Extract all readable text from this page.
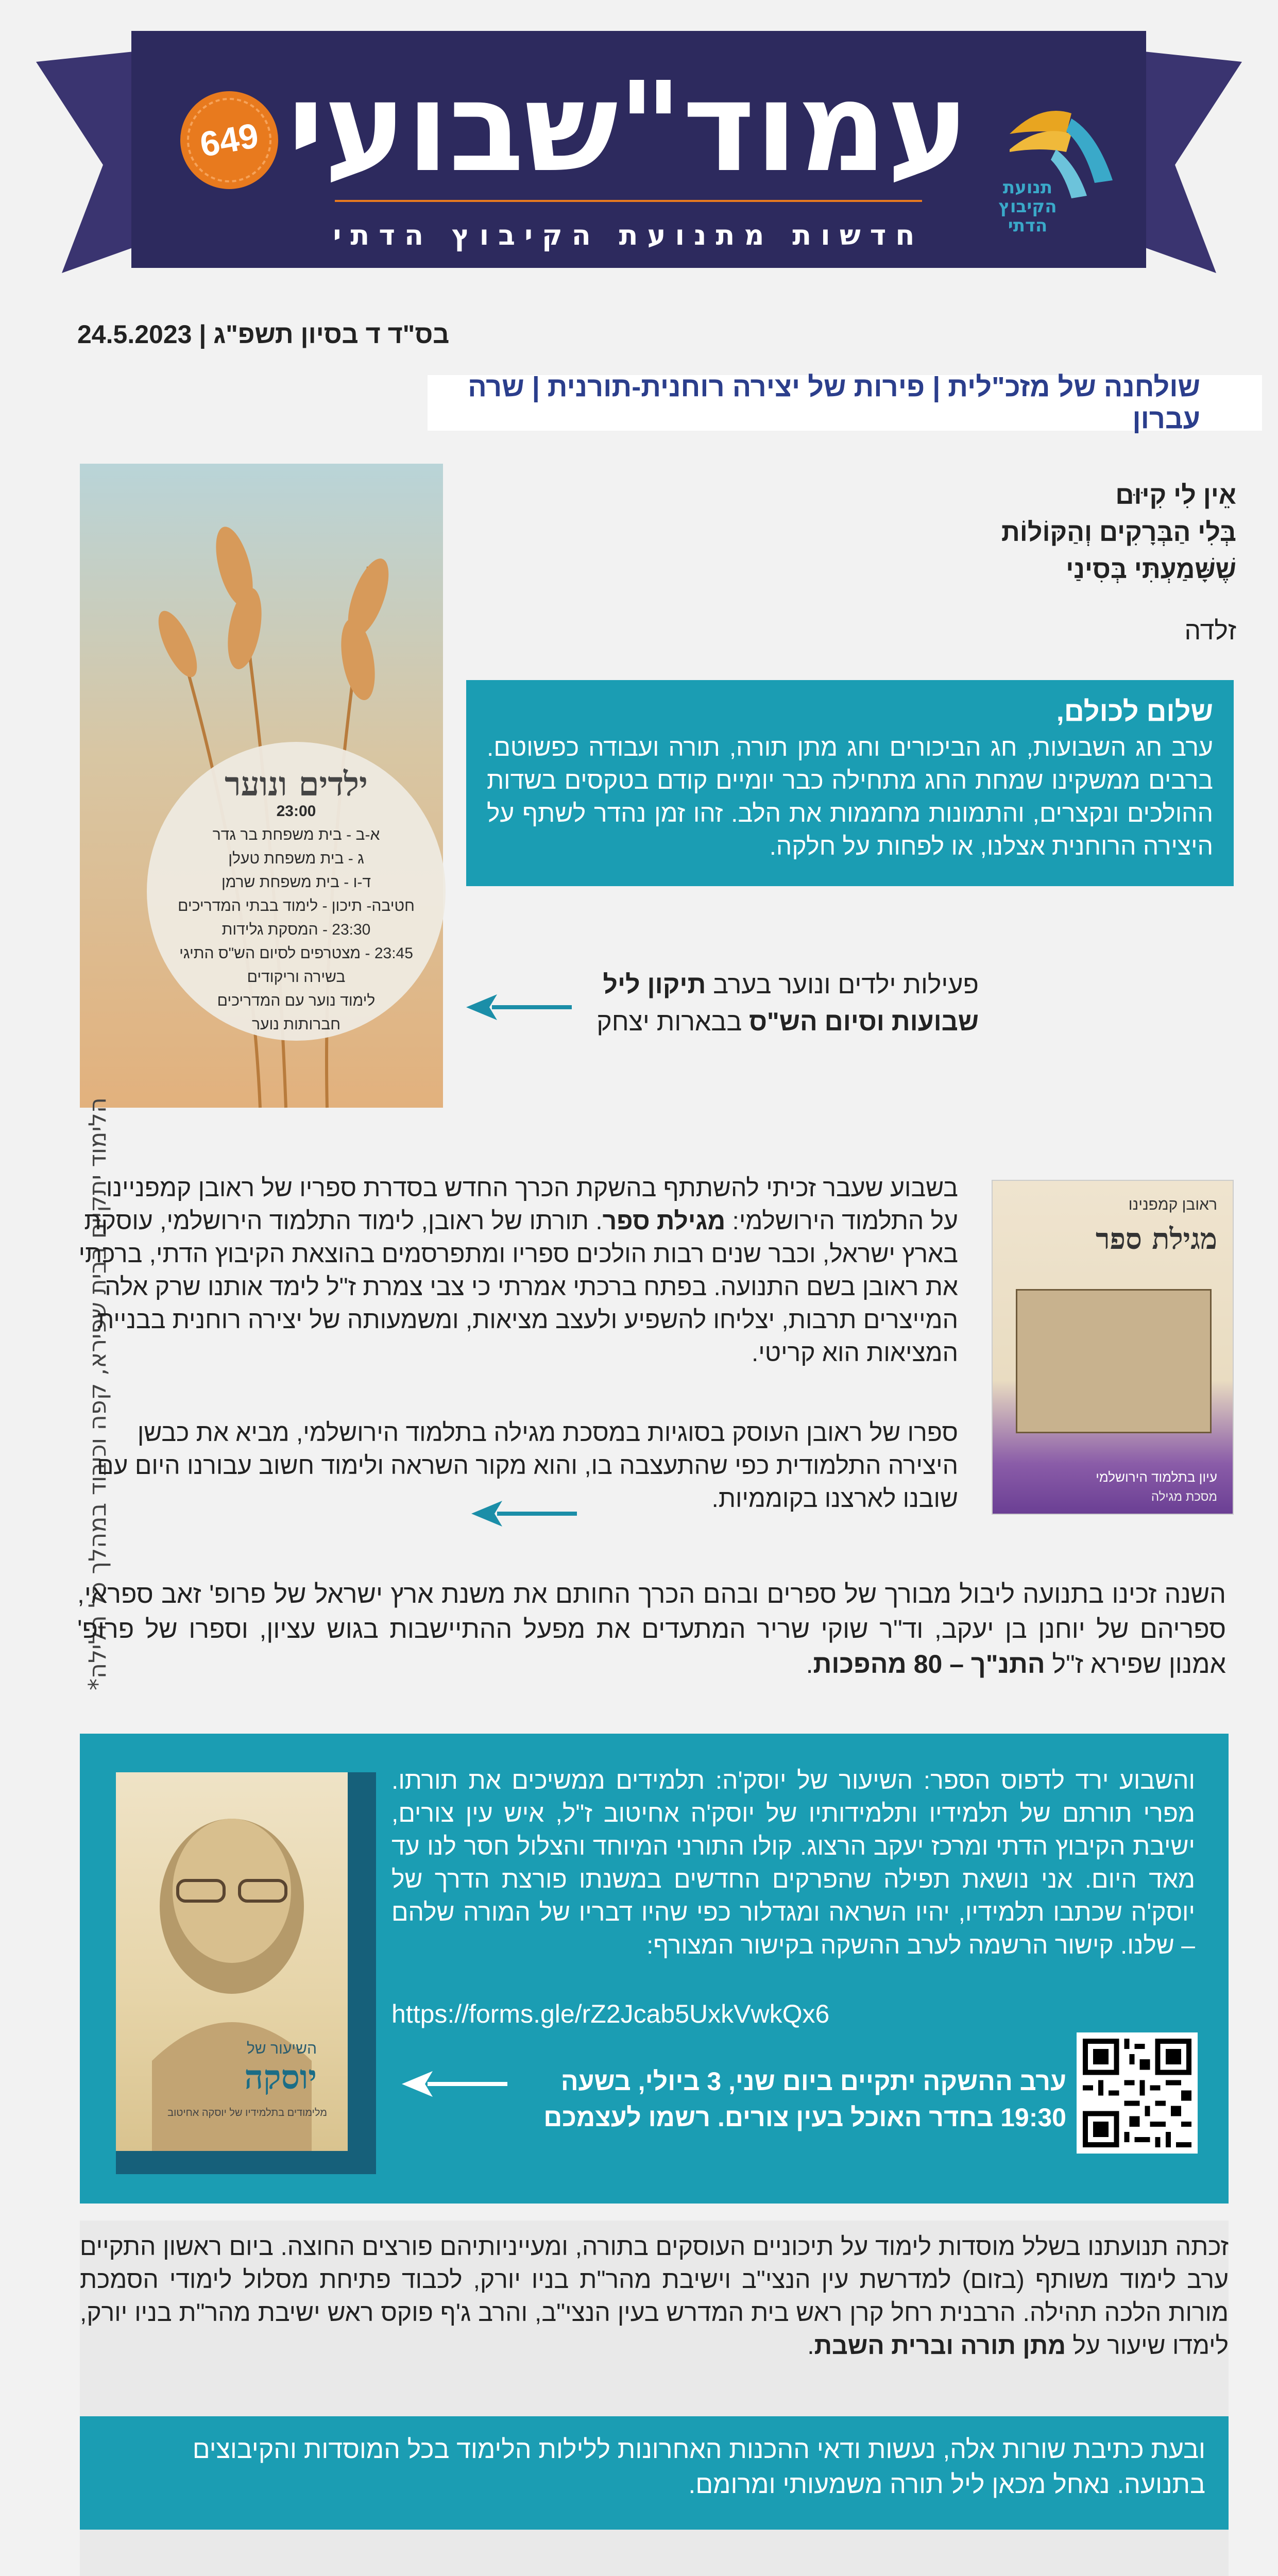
649 עמוד"שבועי
חדשות מתנועת הקיבוץ הדתי
תנועת
הקיבוץ
הדתי
בס"ד ד בסיון תשפ"ג | 24.5.2023
שולחנה של מזכ"לית | פירות של יצירה רוחנית-תורנית | שרה עברון
הלימוד יתקיים בבית שפירא, קפה וכיבוד במהלך כל הלילה*
ילדים ונוער
23:00
א-ב - בית משפחת בר גדר
ג - בית משפחת טעלן
ד-ו - בית משפחת שרמן
חטיבה- תיכון - לימוד בבתי המדריכים
23:30 - המסקת גלידות
23:45 - מצטרפים לסיום הש"ס התיגי
בשירה וריקודים
לימוד נוער עם המדריכים
חברותות נוער
אֵין לִי קִיּוּם
בְּלִי הַבְּרָקִים וְהַקּוֹלוֹת
שֶׁשָּׁמַעְתִּי בְּסִינַי
זלדה
שלום לכולם,
ערב חג השבועות, חג הביכורים וחג מתן תורה, תורה ועבודה כפשוטם. ברבים ממשקינו שמחת החג מתחילה כבר יומיים קודם בטקסים בשדות ההולכים ונקצרים, והתמונות מחממות את הלב. זהו זמן נהדר לשתף על היצירה הרוחנית אצלנו, או לפחות על חלקה.
פעילות ילדים ונוער בערב תיקון ליל
שבועות וסיום הש"ס בבארות יצחק
ראובן קמפנינו
מגילת ספר
עיון בתלמוד הירושלמי
מסכת מגילה
בשבוע שעבר זכיתי להשתתף בהשקת הכרך החדש בסדרת ספריו של ראובן קמפניינו על התלמוד הירושלמי: מגילת ספר. תורתו של ראובן, לימוד התלמוד הירושלמי, עוסקת בארץ ישראל, וכבר שנים רבות הולכים ספריו ומתפרסמים בהוצאת הקיבוץ הדתי, ברכתי את ראובן בשם התנועה. בפתח ברכתי אמרתי כי צבי צמרת ז"ל לימד אותנו שרק אלה המייצרים תרבות, יצליחו להשפיע ולעצב מציאות, ומשמעותה של יצירה רוחנית בבניית המציאות הוא קריטי.
ספרו של ראובן העוסק בסוגיות במסכת מגילה בתלמוד הירושלמי, מביא את כבשן היצירה התלמודית כפי שהתעצבה בו, והוא מקור השראה ולימוד חשוב עבורנו היום עם שובנו לארצנו בקוממיות.
השנה זכינו בתנועה ליבול מבורך של ספרים ובהם הכרך החותם את משנת ארץ ישראל של פרופ' זאב ספראי, ספריהם של יוחנן בן יעקב, וד"ר שוקי שריר המתעדים את מפעל ההתיישבות בגוש עציון, וספרו של פרופ' אמנון שפירא ז"ל התנ"ך – 80 מהפכות.
השיעור של
יוסקה
מלימודים בתלמידיו של יוסקה אחיטוב
והשבוע ירד לדפוס הספר: השיעור של יוסק'ה: תלמידים ממשיכים את תורתו. מפרי תורתם של תלמידיו ותלמידותיו של יוסק'ה אחיטוב ז"ל, איש עין צורים, ישיבת הקיבוץ הדתי ומרכז יעקב הרצוג. קולו התורני המיוחד והצלול חסר לנו עד מאד היום. אני נושאת תפילה שהפרקים החדשים במשנתו פורצת הדרך של יוסק'ה שכתבו תלמידיו, יהיו השראה ומגדלור כפי שהיו דבריו של המורה שלהם – שלנו. קישור הרשמה לערב ההשקה בקישור המצורף:
https://forms.gle/rZ2Jcab5UxkVwkQx6
ערב ההשקה יתקיים ביום שני, 3 ביולי, בשעה 19:30 בחדר האוכל בעין צורים. רשמו לעצמכם
זכתה תנועתנו בשלל מוסדות לימוד על תיכוניים העוסקים בתורה, ומעייניותיהם פורצים החוצה. ביום ראשון התקיים ערב לימוד משותף (בזום) למדרשת עין הנצי"ב וישיבת מהר"ת בניו יורק, לכבוד פתיחת מסלול לימודי הסמכת מורות הלכה תהילה. הרבנית רחל קרן ראש בית המדרש בעין הנצי"ב, והרב ג'ף פוקס ראש ישיבת מהר"ת בניו יורק, לימדו שיעור על מתן תורה וברית השבת.
ובעת כתיבת שורות אלה, נעשות ודאי ההכנות האחרונות ללילות הלימוד בכל המוסדות והקיבוצים בתנועה. נאחל מכאן ליל תורה משמעותי ומרומם.
